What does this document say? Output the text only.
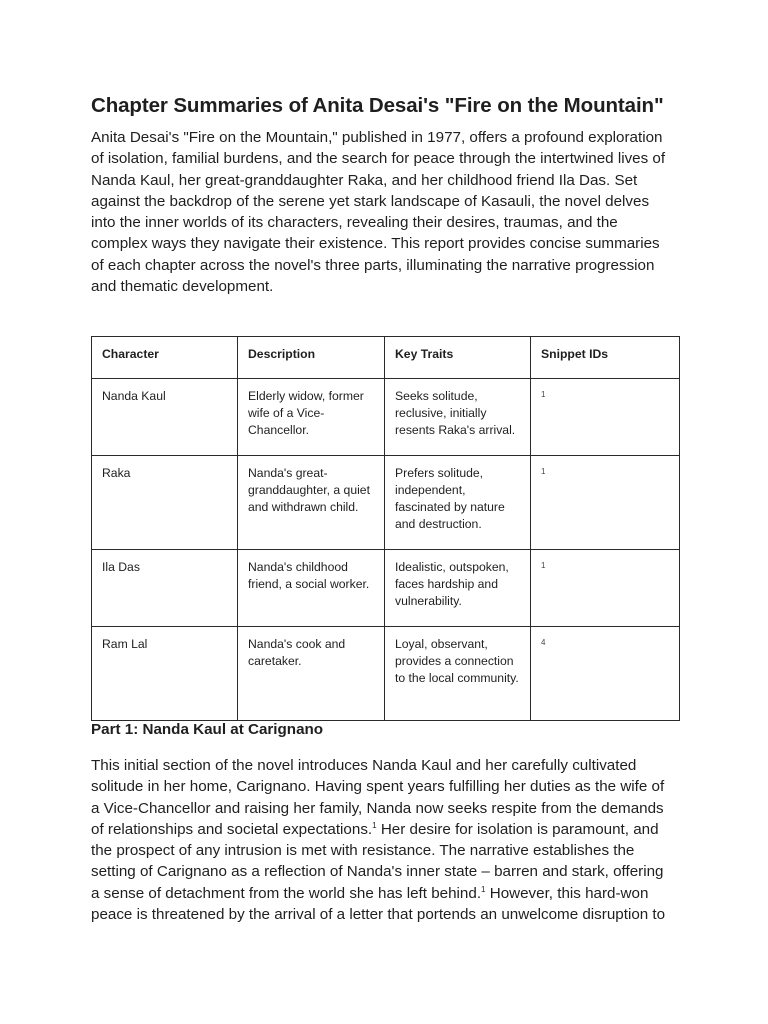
Chapter Summaries of Anita Desai's "Fire on the Mountain"

Anita Desai's "Fire on the Mountain," published in 1977, offers a profound exploration
of isolation, familial burdens, and the search for peace through the intertwined lives of
Nanda Kaul, her great-granddaughter Raka, and her childhood friend Ila Das. Set
against the backdrop of the serene yet stark landscape of Kasauli, the novel delves
into the inner worlds of its characters, revealing their desires, traumas, and the
complex ways they navigate their existence. This report provides concise summaries
of each chapter across the novel's three parts, illuminating the narrative progression
and thematic development.

Character	Description	Key Traits	Snippet IDs
Nanda Kaul	Elderly widow, former wife of a Vice-Chancellor.	Seeks solitude, reclusive, initially resents Raka's arrival.	1
Raka	Nanda's great-granddaughter, a quiet and withdrawn child.	Prefers solitude, independent, fascinated by nature and destruction.	1
Ila Das	Nanda's childhood friend, a social worker.	Idealistic, outspoken, faces hardship and vulnerability.	1
Ram Lal	Nanda's cook and caretaker.	Loyal, observant, provides a connection to the local community.	4
Part 1: Nanda Kaul at Carignano

This initial section of the novel introduces Nanda Kaul and her carefully cultivated
solitude in her home, Carignano. Having spent years fulfilling her duties as the wife of
a Vice-Chancellor and raising her family, Nanda now seeks respite from the demands
of relationships and societal expectations.$^1$ Her desire for isolation is paramount, and
the prospect of any intrusion is met with resistance. The narrative establishes the
setting of Carignano as a reflection of Nanda's inner state – barren and stark, offering
a sense of detachment from the world she has left behind.$^1$ However, this hard-won
peace is threatened by the arrival of a letter that portends an unwelcome disruption to
